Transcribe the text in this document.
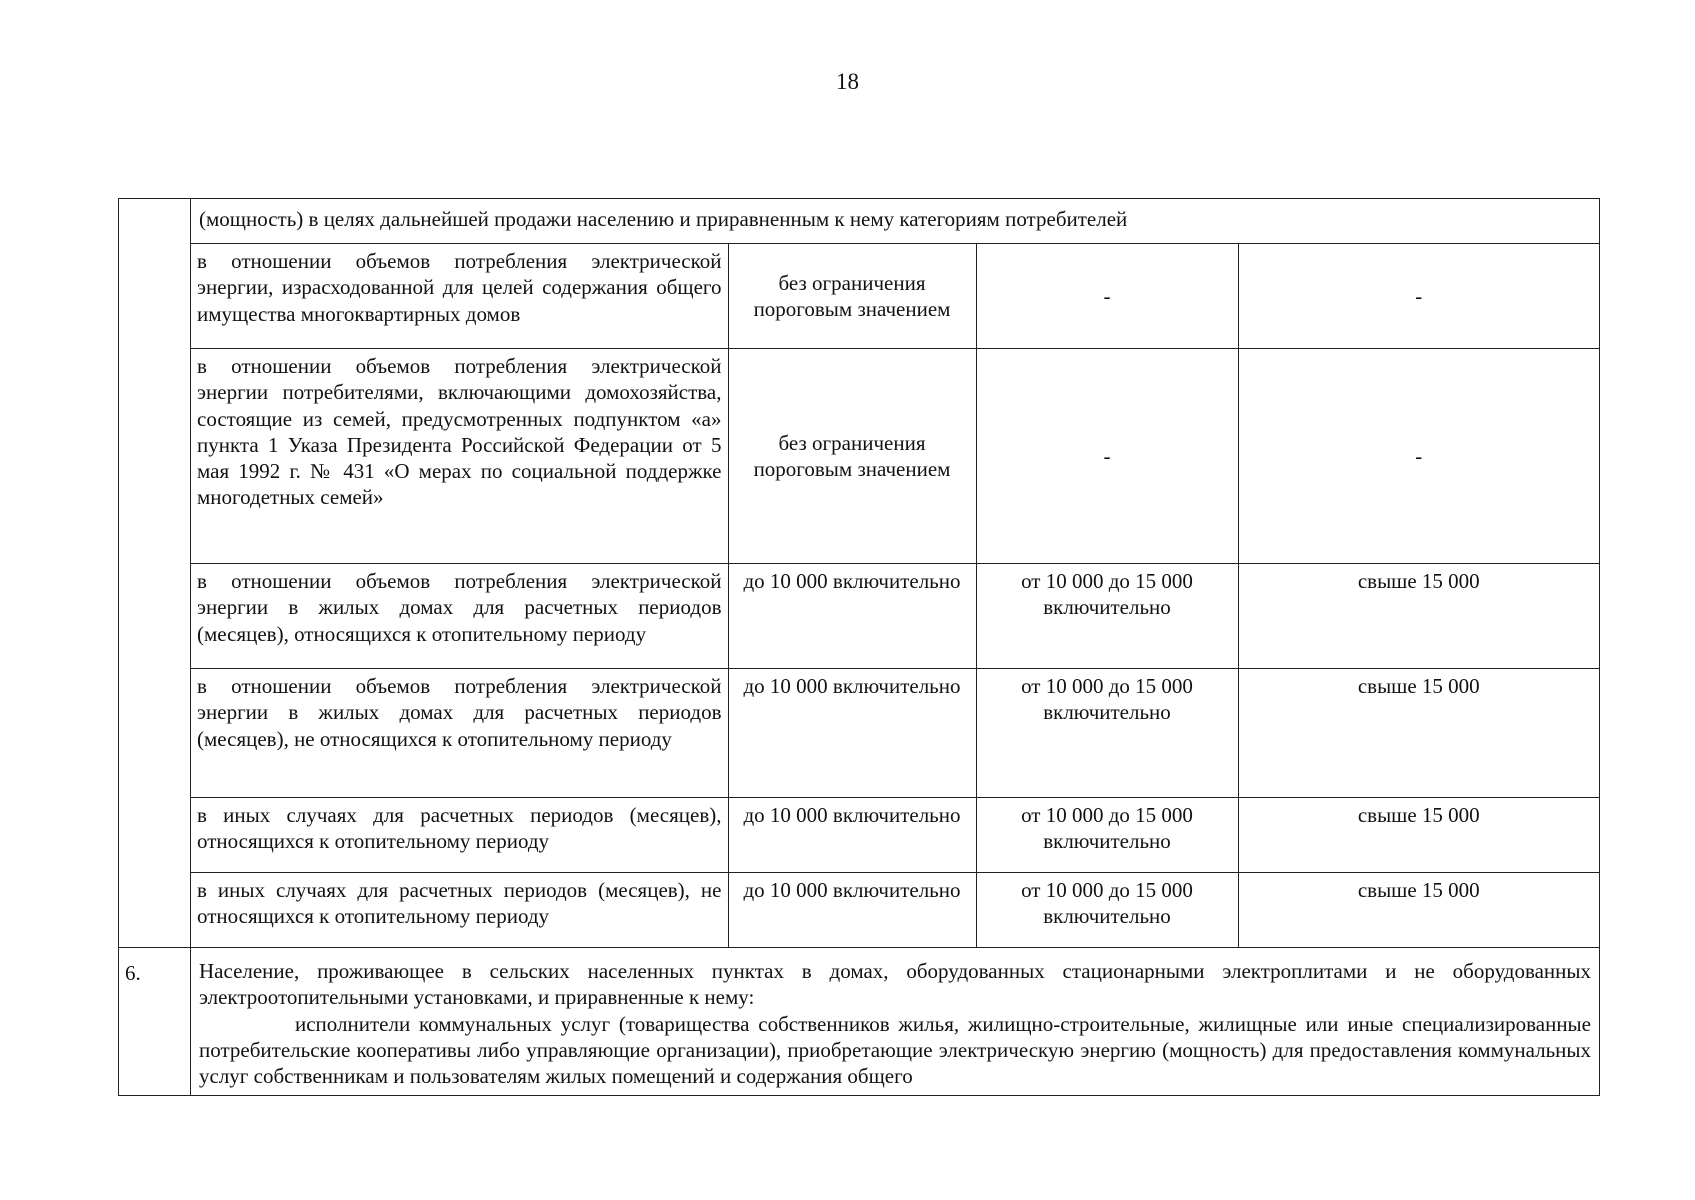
18
	(мощность) в целях дальнейшей продажи населению и приравненным к нему категориям потребителей

в отношении объемов потребления электрической энергии, израсходованной для целей содержания общего имущества многоквартирных домов	без ограничения пороговым значением	-	-
в отношении объемов потребления электрической энергии потребителями, включающими домохозяйства, состоящие из семей, предусмотренных подпунктом «а» пункта 1 Указа Президента Российской Федерации от 5 мая 1992 г. № 431 «О мерах по социальной поддержке многодетных семей»	без ограничения пороговым значением	-	-
в отношении объемов потребления электрической энергии в жилых домах для расчетных периодов (месяцев), относящихся к отопительному периоду	до 10 000 включительно	от 10 000 до 15 000 включительно	свыше 15 000
в отношении объемов потребления электрической энергии в жилых домах для расчетных периодов (месяцев), не относящихся к отопительному периоду	до 10 000 включительно	от 10 000 до 15 000 включительно	свыше 15 000
в иных случаях для расчетных периодов (месяцев), относящихся к отопительному периоду	до 10 000 включительно	от 10 000 до 15 000 включительно	свыше 15 000
в иных случаях для расчетных периодов (месяцев), не относящихся к отопительному периоду	до 10 000 включительно	от 10 000 до 15 000 включительно	свыше 15 000

6.	Население, проживающее в сельских населенных пунктах в домах, оборудованных стационарными электроплитами и не оборудованных электроотопительными установками, и приравненные к нему:

исполнители коммунальных услуг (товарищества собственников жилья, жилищно-строительные, жилищные или иные специализированные потребительские кооперативы либо управляющие организации), приобретающие электрическую энергию (мощность) для предоставления коммунальных услуг собственникам и пользователям жилых помещений и содержания общего
